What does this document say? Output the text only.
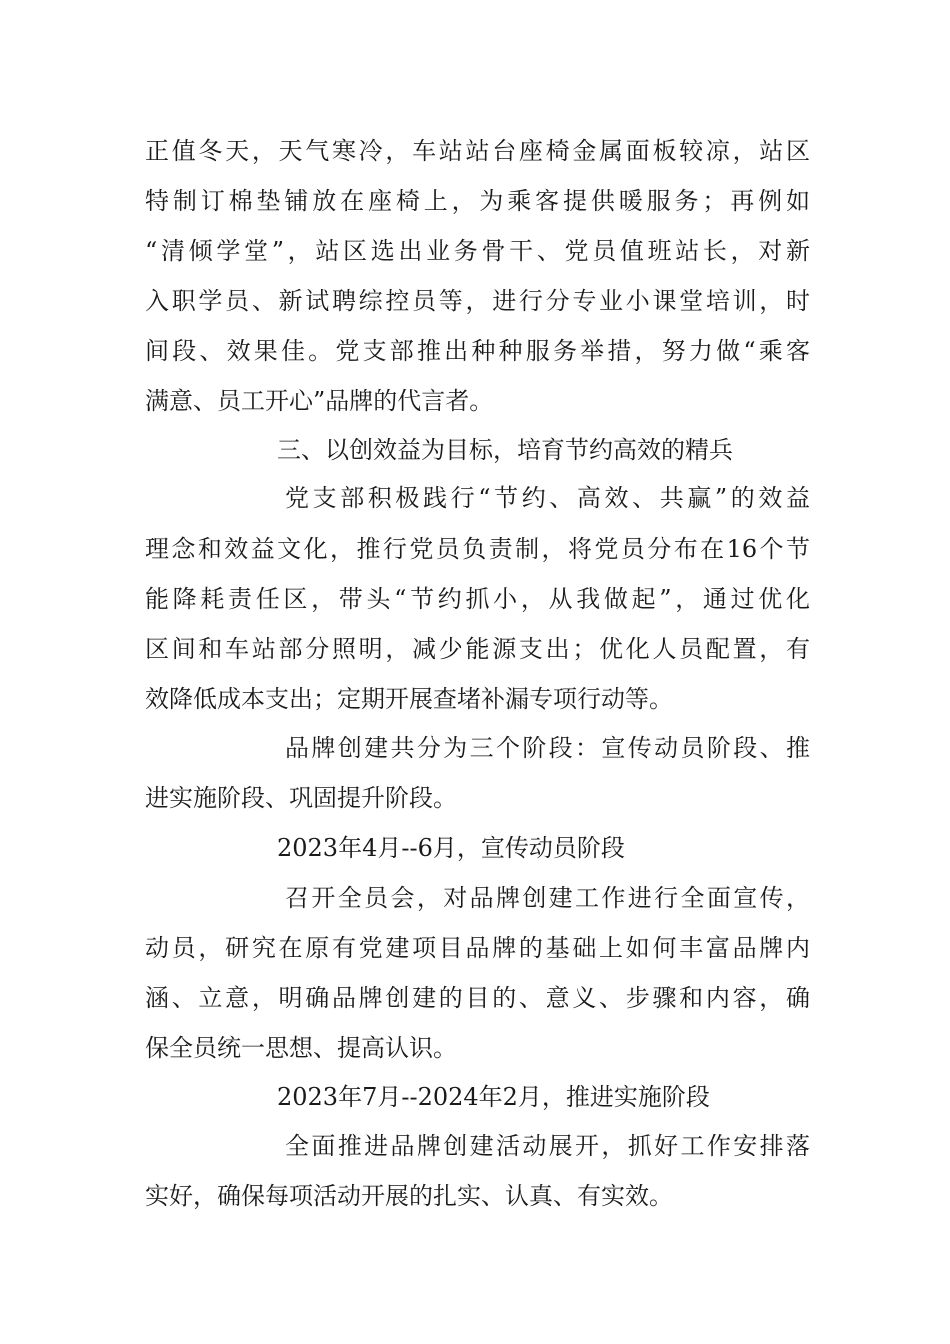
正值冬天，天气寒冷，车站站台座椅金属面板较凉，站区
特制订棉垫铺放在座椅上，为乘客提供暖服务；再例如
“清倾学堂”，站区选出业务骨干、党员值班站长，对新
入职学员、新试聘综控员等，进行分专业小课堂培训，时
间段、效果佳。党支部推出种种服务举措，努力做“乘客
满意、员工开心”品牌的代言者。
三、以创效益为目标，培育节约高效的精兵
党支部积极践行“节约、高效、共赢”的效益
理念和效益文化，推行党员负责制，将党员分布在16个节
能降耗责任区，带头“节约抓小，从我做起”，通过优化
区间和车站部分照明，减少能源支出；优化人员配置，有
效降低成本支出；定期开展查堵补漏专项行动等。
品牌创建共分为三个阶段：宣传动员阶段、推
进实施阶段、巩固提升阶段。
2023年4月--6月，宣传动员阶段
召开全员会，对品牌创建工作进行全面宣传，
动员，研究在原有党建项目品牌的基础上如何丰富品牌内
涵、立意，明确品牌创建的目的、意义、步骤和内容，确
保全员统一思想、提高认识。
2023年7月--2024年2月，推进实施阶段
全面推进品牌创建活动展开，抓好工作安排落
实好，确保每项活动开展的扎实、认真、有实效。
